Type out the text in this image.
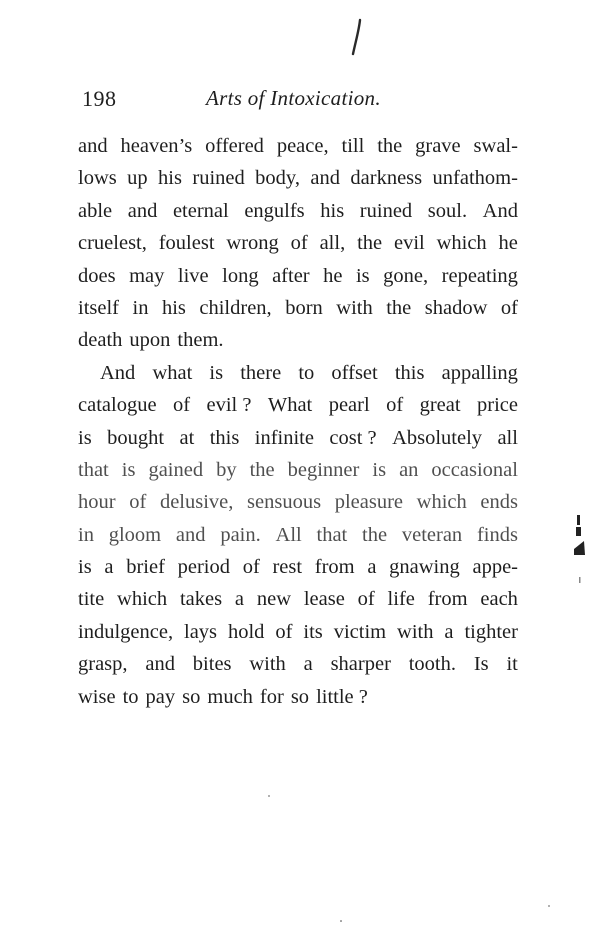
198	Arts of Intoxication.
and heaven’s offered peace, till the grave swal-
lows up his ruined body, and darkness unfathom-
able and eternal engulfs his ruined soul. And
cruelest, foulest wrong of all, the evil which he
does may live long after he is gone, repeating
itself in his children, born with the shadow of
death upon them.
And what is there to offset this appalling
catalogue of evil ? What pearl of great price
is bought at this infinite cost ? Absolutely all
that is gained by the beginner is an occasional
hour of delusive, sensuous pleasure which ends
in gloom and pain. All that the veteran finds
is a brief period of rest from a gnawing appe-
tite which takes a new lease of life from each
indulgence, lays hold of its victim with a tighter
grasp, and bites with a sharper tooth. Is it
wise to pay so much for so little ?
